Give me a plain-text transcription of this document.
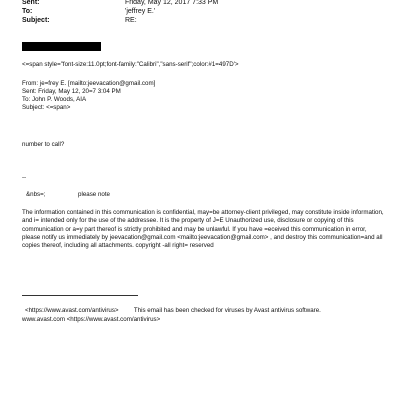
Sent:	Friday, May 12, 2017 7:33 PM
To:	'jeffrey E.'
Subject:	RE:
<=span style="font-size:11.0pt;font-family:"Calibri","sans-serif";color:#1=497D'>
From: je=frey E. [mailto:jeevacation@gmail.com]
Sent: Friday, May 12, 20=7 3:04 PM
To: John P. Woods, AIA
Subject: <=span>
number to call?
--
&nbs=;	please note
The information contained in this communication is confidential, may=be attorney-client privileged, may constitute inside information, and i= intended only for the use of the addressee. It is the property of J=E Unauthorized use, disclosure or copying of this communication or a=y part thereof is strictly prohibited and may be unlawful. If you have =eceived this communication in error, please notify us immediately by jeevacation@gmail.com <mailto:jeevacation@gmail.com> , and destroy this communication=and all copies thereof, including all attachments. copyright -all right= reserved
<https://www.avast.com/antivirus> This email has been checked for viruses by Avast antivirus software.
www.avast.com <https://www.avast.com/antivirus>
